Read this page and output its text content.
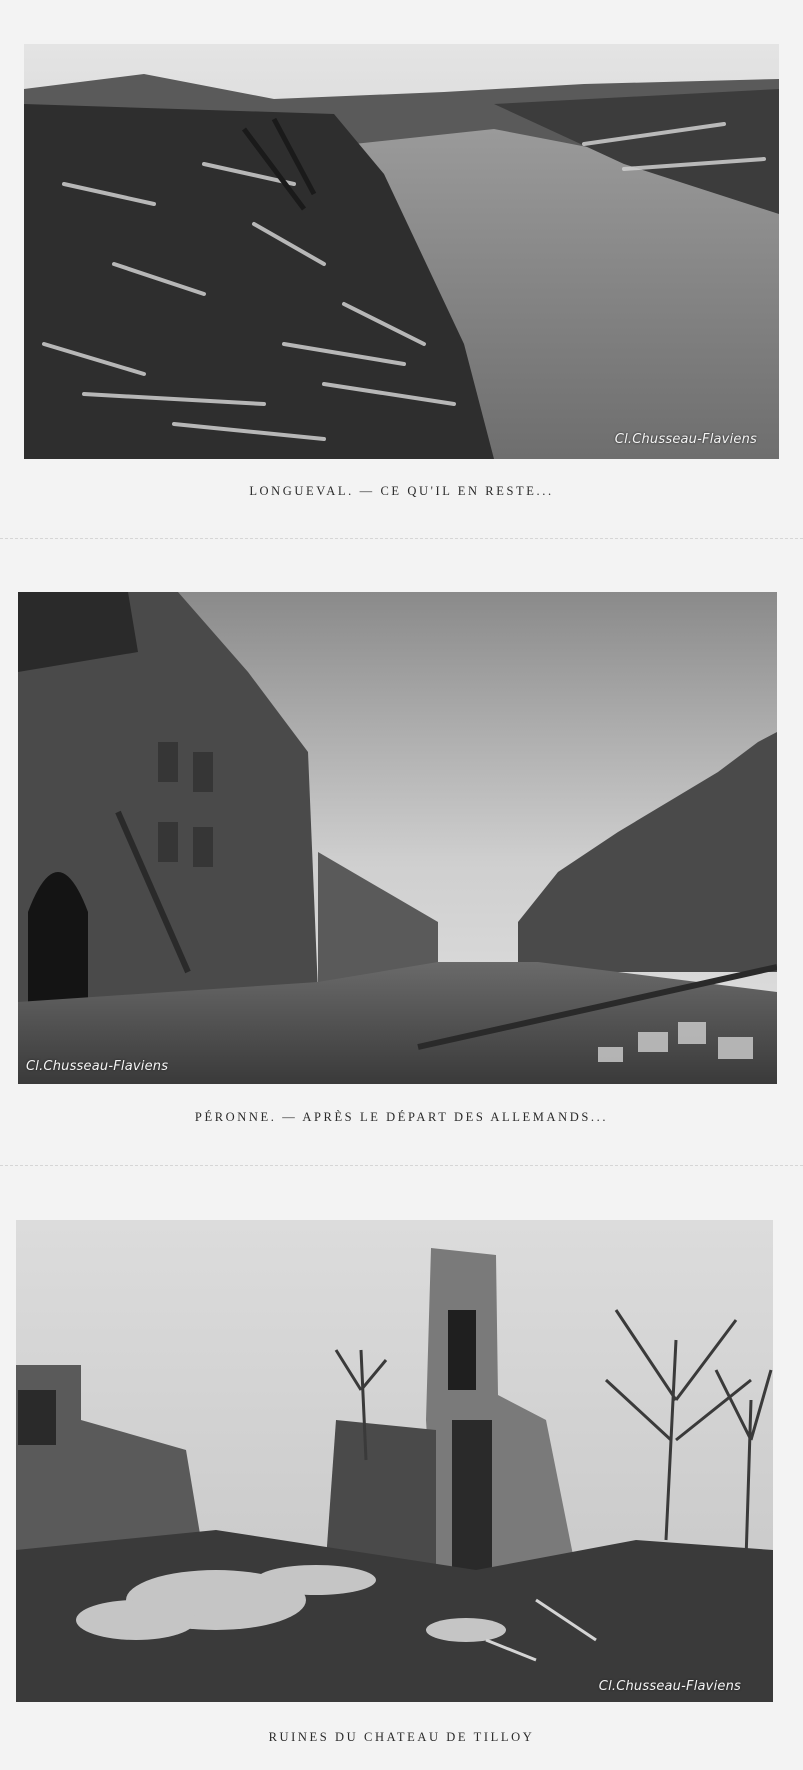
Cl.Chusseau-Flaviens
LONGUEVAL. — CE QU'IL EN RESTE...
Cl.Chusseau-Flaviens
PÉRONNE. — APRÈS LE DÉPART DES ALLEMANDS...
Cl.Chusseau-Flaviens
RUINES DU CHATEAU DE TILLOY
